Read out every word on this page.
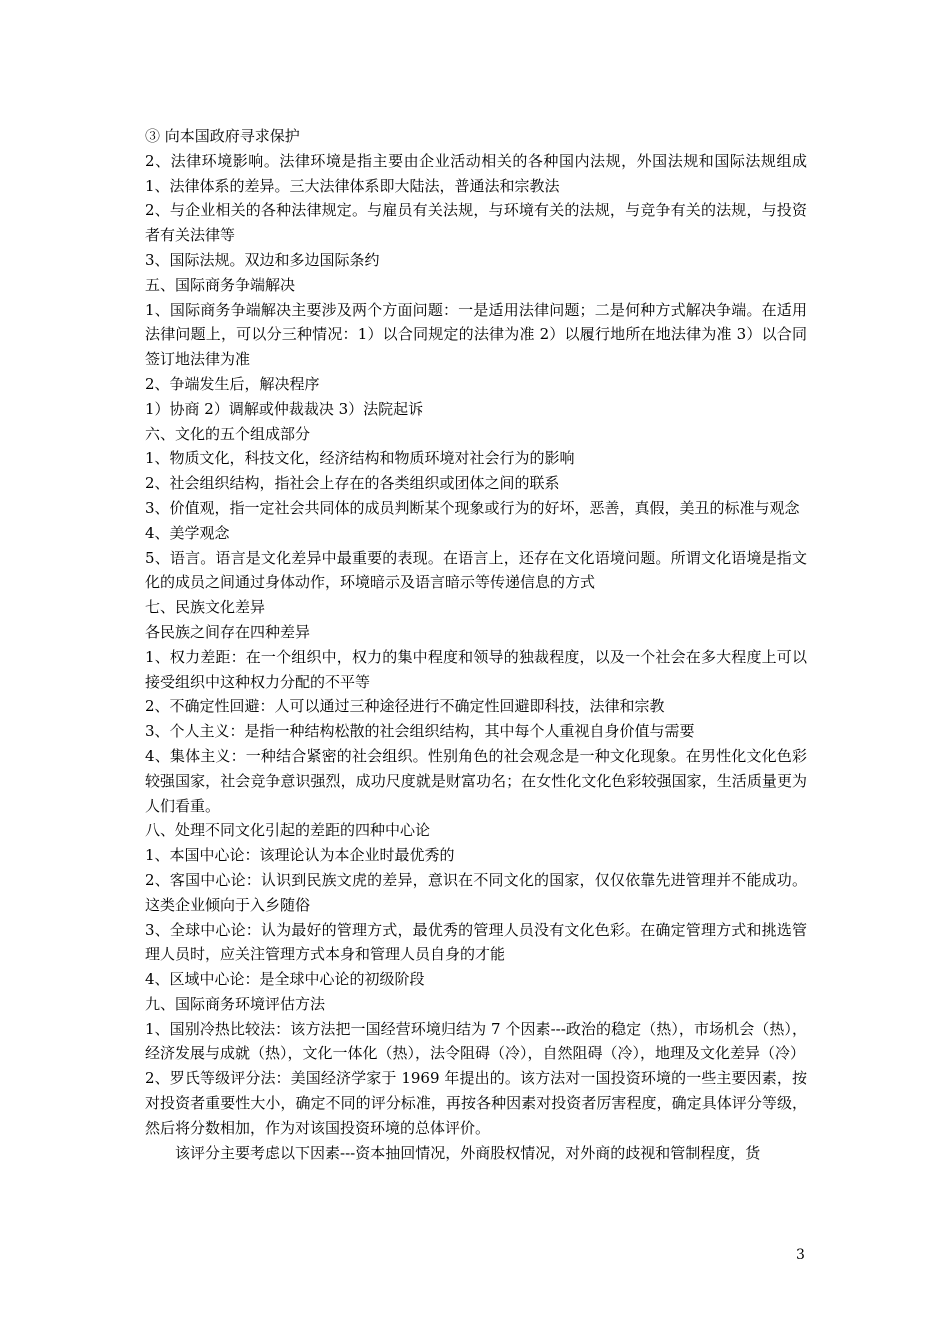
③ 向本国政府寻求保护

2、法律环境影响。法律环境是指主要由企业活动相关的各种国内法规，外国法规和国际法规组成 1、法律体系的差异。三大法律体系即大陆法，普通法和宗教法

2、与企业相关的各种法律规定。与雇员有关法规，与环境有关的法规，与竞争有关的法规，与投资者有关法律等

3、国际法规。双边和多边国际条约

五、国际商务争端解决

1、国际商务争端解决主要涉及两个方面问题：一是适用法律问题；二是何种方式解决争端。在适用法律问题上，可以分三种情况：1）以合同规定的法律为准 2）以履行地所在地法律为准 3）以合同签订地法律为准

2、争端发生后，解决程序

1）协商 2）调解或仲裁裁决 3）法院起诉

六、文化的五个组成部分

1、物质文化，科技文化，经济结构和物质环境对社会行为的影响

2、社会组织结构，指社会上存在的各类组织或团体之间的联系

3、价值观，指一定社会共同体的成员判断某个现象或行为的好坏，恶善，真假，美丑的标准与观念

4、美学观念

5、语言。语言是文化差异中最重要的表现。在语言上，还存在文化语境问题。所谓文化语境是指文化的成员之间通过身体动作，环境暗示及语言暗示等传递信息的方式

七、民族文化差异

各民族之间存在四种差异

1、权力差距：在一个组织中，权力的集中程度和领导的独裁程度，以及一个社会在多大程度上可以接受组织中这种权力分配的不平等

2、不确定性回避：人可以通过三种途径进行不确定性回避即科技，法律和宗教

3、个人主义：是指一种结构松散的社会组织结构，其中每个人重视自身价值与需要

4、集体主义：一种结合紧密的社会组织。性别角色的社会观念是一种文化现象。在男性化文化色彩较强国家，社会竞争意识强烈，成功尺度就是财富功名；在女性化文化色彩较强国家，生活质量更为人们看重。

八、处理不同文化引起的差距的四种中心论

1、本国中心论：该理论认为本企业时最优秀的

2、客国中心论：认识到民族文虎的差异，意识在不同文化的国家，仅仅依靠先进管理并不能成功。这类企业倾向于入乡随俗

3、全球中心论：认为最好的管理方式，最优秀的管理人员没有文化色彩。在确定管理方式和挑选管理人员时，应关注管理方式本身和管理人员自身的才能

4、区域中心论：是全球中心论的初级阶段

九、国际商务环境评估方法

1、国别冷热比较法：该方法把一国经营环境归结为 7 个因素---政治的稳定（热），市场机会（热），经济发展与成就（热），文化一体化（热），法令阻碍（冷），自然阻碍（冷），地理及文化差异（冷）

2、罗氏等级评分法：美国经济学家于 1969 年提出的。该方法对一国投资环境的一些主要因素，按对投资者重要性大小，确定不同的评分标准，再按各种因素对投资者厉害程度，确定具体评分等级，然后将分数相加，作为对该国投资环境的总体评价。

该评分主要考虑以下因素---资本抽回情况，外商股权情况，对外商的歧视和管制程度，货

3
